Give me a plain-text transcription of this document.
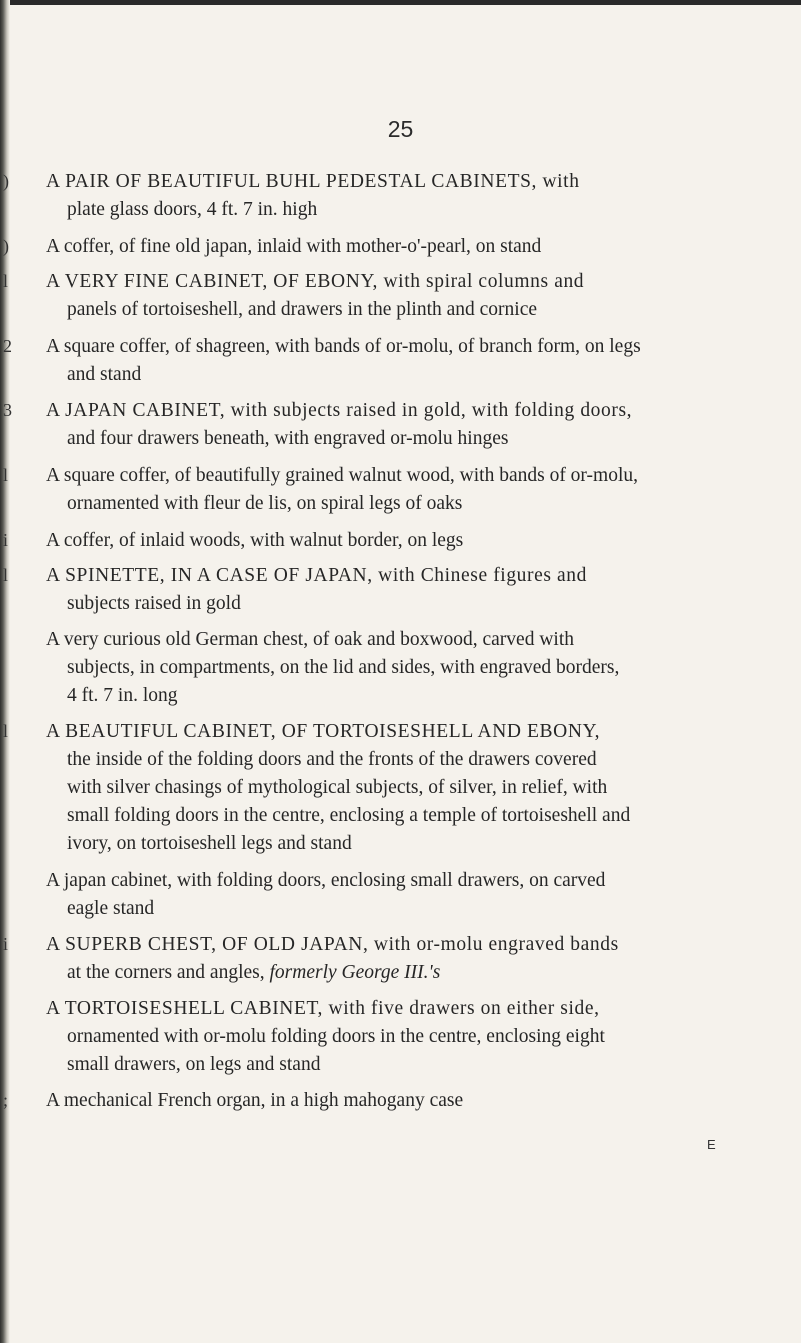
25
) A PAIR OF BEAUTIFUL BUHL PEDESTAL CABINETS, with
plate glass doors, 4 ft. 7 in. high
) A coffer, of fine old japan, inlaid with mother-o'-pearl, on stand
l A VERY FINE CABINET, OF EBONY, with spiral columns and
panels of tortoiseshell, and drawers in the plinth and cornice
2 A square coffer, of shagreen, with bands of or-molu, of branch form, on legs
and stand
3 A JAPAN CABINET, with subjects raised in gold, with folding doors,
and four drawers beneath, with engraved or-molu hinges
l A square coffer, of beautifully grained walnut wood, with bands of or-molu,
ornamented with fleur de lis, on spiral legs of oaks
i A coffer, of inlaid woods, with walnut border, on legs
l A SPINETTE, IN A CASE OF JAPAN, with Chinese figures and
subjects raised in gold
A very curious old German chest, of oak and boxwood, carved with
subjects, in compartments, on the lid and sides, with engraved borders,
4 ft. 7 in. long
l A BEAUTIFUL CABINET, OF TORTOISESHELL AND EBONY,
the inside of the folding doors and the fronts of the drawers covered
with silver chasings of mythological subjects, of silver, in relief, with
small folding doors in the centre, enclosing a temple of tortoiseshell and
ivory, on tortoiseshell legs and stand
A japan cabinet, with folding doors, enclosing small drawers, on carved
eagle stand
i A SUPERB CHEST, OF OLD JAPAN, with or-molu engraved bands
at the corners and angles, formerly George III.'s
A TORTOISESHELL CABINET, with five drawers on either side,
ornamented with or-molu folding doors in the centre, enclosing eight
small drawers, on legs and stand
; A mechanical French organ, in a high mahogany case
E
